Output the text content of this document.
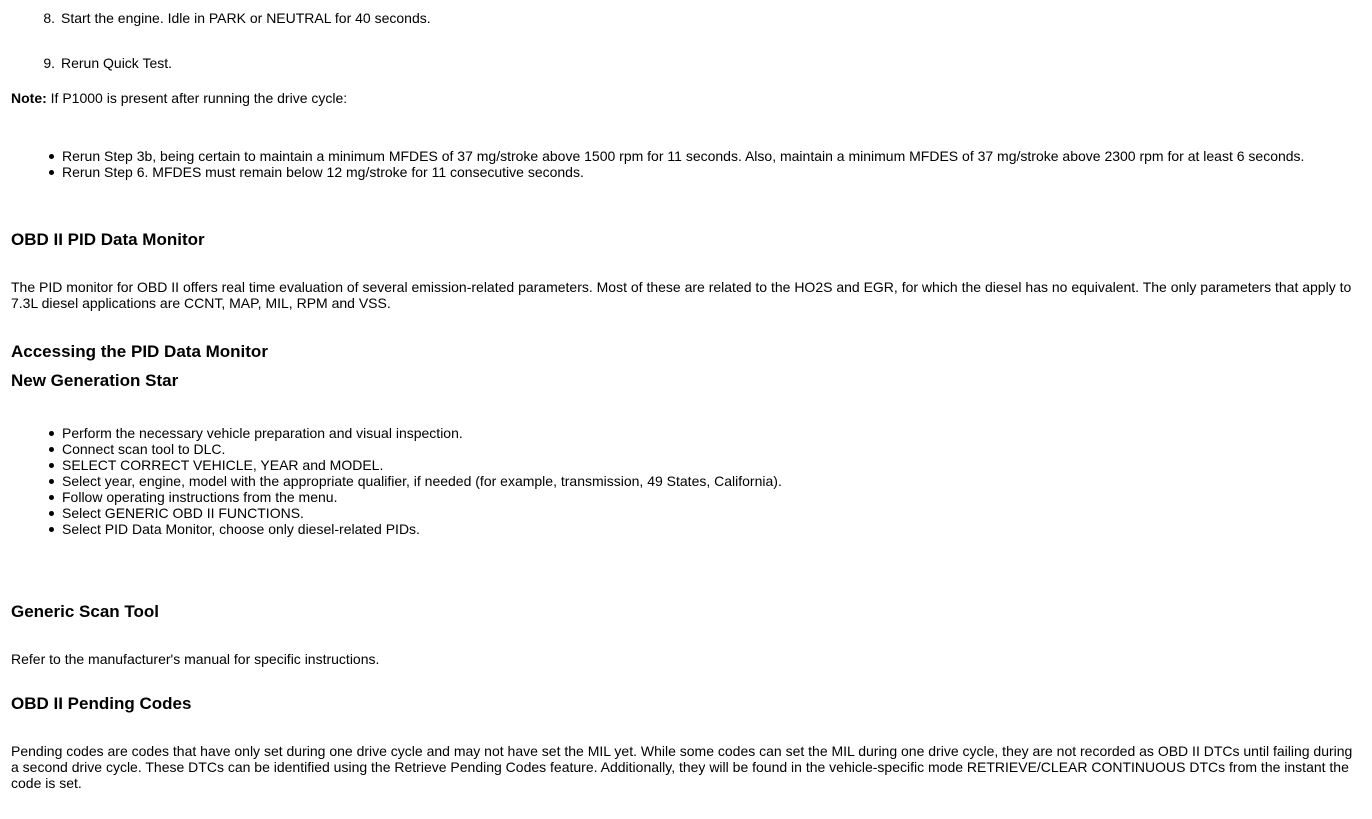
8. Start the engine. Idle in PARK or NEUTRAL for 40 seconds.
9. Rerun Quick Test.
Note: If P1000 is present after running the drive cycle:
Rerun Step 3b, being certain to maintain a minimum MFDES of 37 mg/stroke above 1500 rpm for 11 seconds. Also, maintain a minimum MFDES of 37 mg/stroke above 2300 rpm for at least 6 seconds.
Rerun Step 6. MFDES must remain below 12 mg/stroke for 11 consecutive seconds.
OBD II PID Data Monitor

The PID monitor for OBD II offers real time evaluation of several emission-related parameters. Most of these are related to the HO2S and EGR, for which the diesel has no equivalent. The only parameters that apply to 7.3L diesel applications are CCNT, MAP, MIL, RPM and VSS.

Accessing the PID Data Monitor
New Generation Star
Perform the necessary vehicle preparation and visual inspection.
Connect scan tool to DLC.
SELECT CORRECT VEHICLE, YEAR and MODEL.
Select year, engine, model with the appropriate qualifier, if needed (for example, transmission, 49 States, California).
Follow operating instructions from the menu.
Select GENERIC OBD II FUNCTIONS.
Select PID Data Monitor, choose only diesel-related PIDs.
Generic Scan Tool

Refer to the manufacturer's manual for specific instructions.

OBD II Pending Codes

Pending codes are codes that have only set during one drive cycle and may not have set the MIL yet. While some codes can set the MIL during one drive cycle, they are not recorded as OBD II DTCs until failing during a second drive cycle. These DTCs can be identified using the Retrieve Pending Codes feature. Additionally, they will be found in the vehicle-specific mode RETRIEVE/CLEAR CONTINUOUS DTCs from the instant the code is set.
